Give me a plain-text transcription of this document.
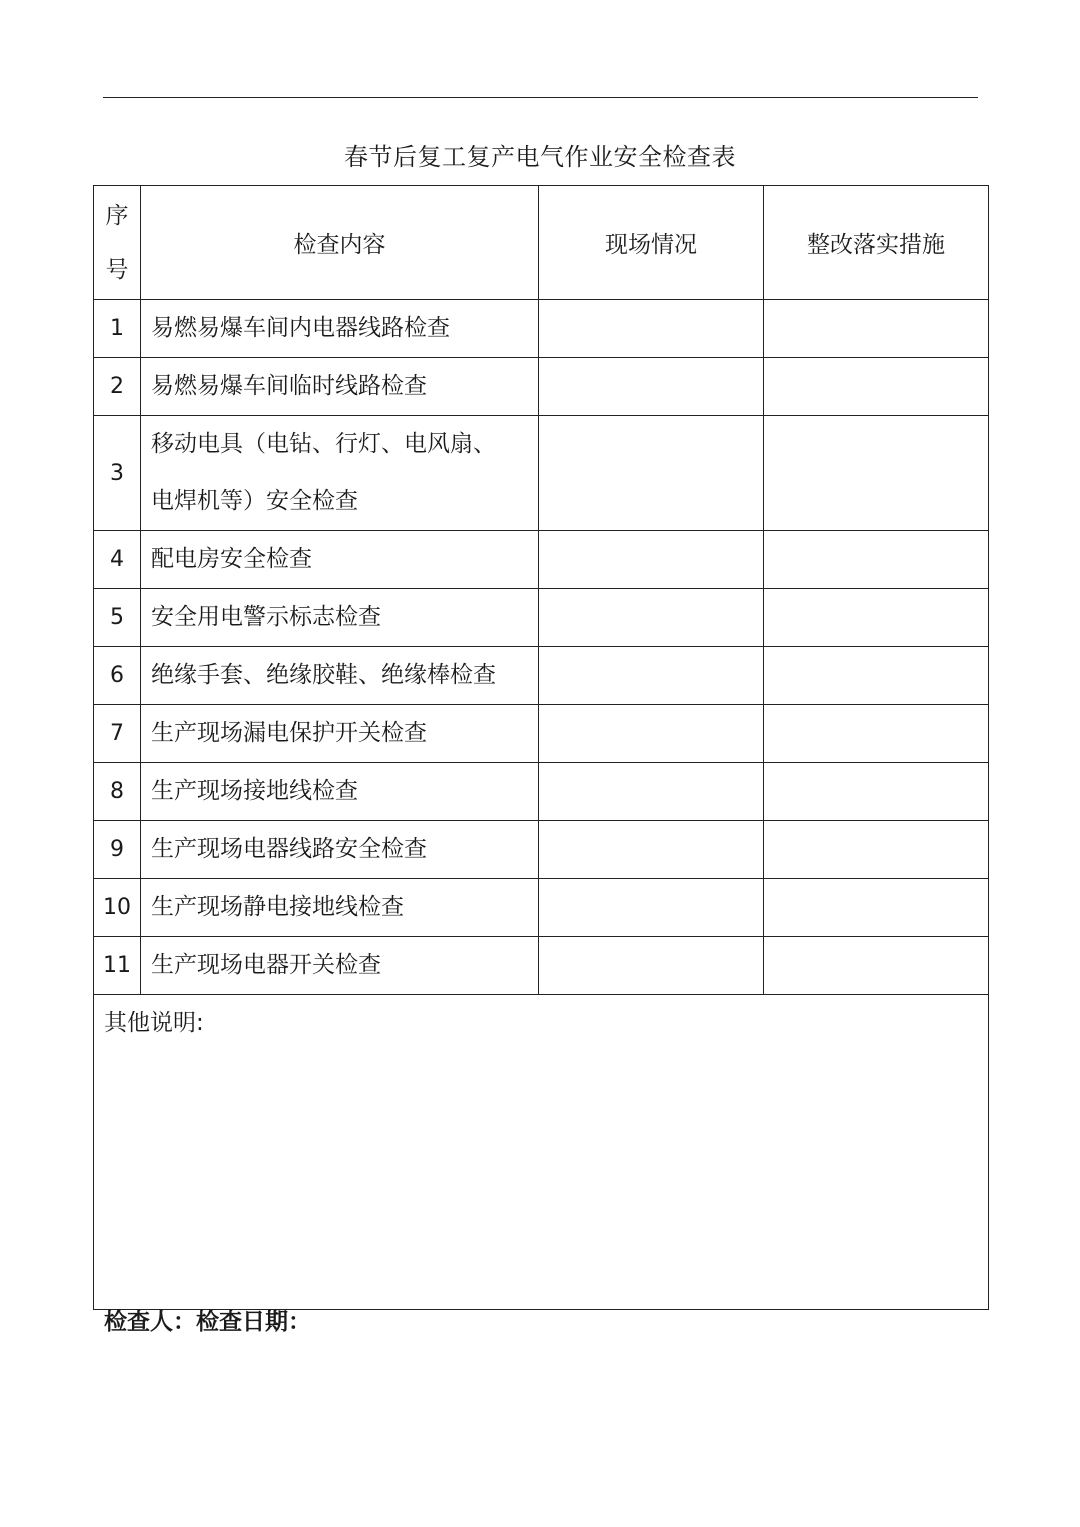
春节后复工复产电气作业安全检查表
序
号	检查内容	现场情况	整改落实措施
1	易燃易爆车间内电器线路检查		

2	易燃易爆车间临时线路检查		

3	移动电具（电钻、行灯、电风扇、
电焊机等）安全检查		

4	配电房安全检查		

5	安全用电警示标志检查		

6	绝缘手套、绝缘胶鞋、绝缘棒检查		

7	生产现场漏电保护开关检查		

8	生产现场接地线检查		

9	生产现场电器线路安全检查		

10	生产现场静电接地线检查		

11	生产现场电器开关检查		

其他说明:			
检查人：检查日期：
